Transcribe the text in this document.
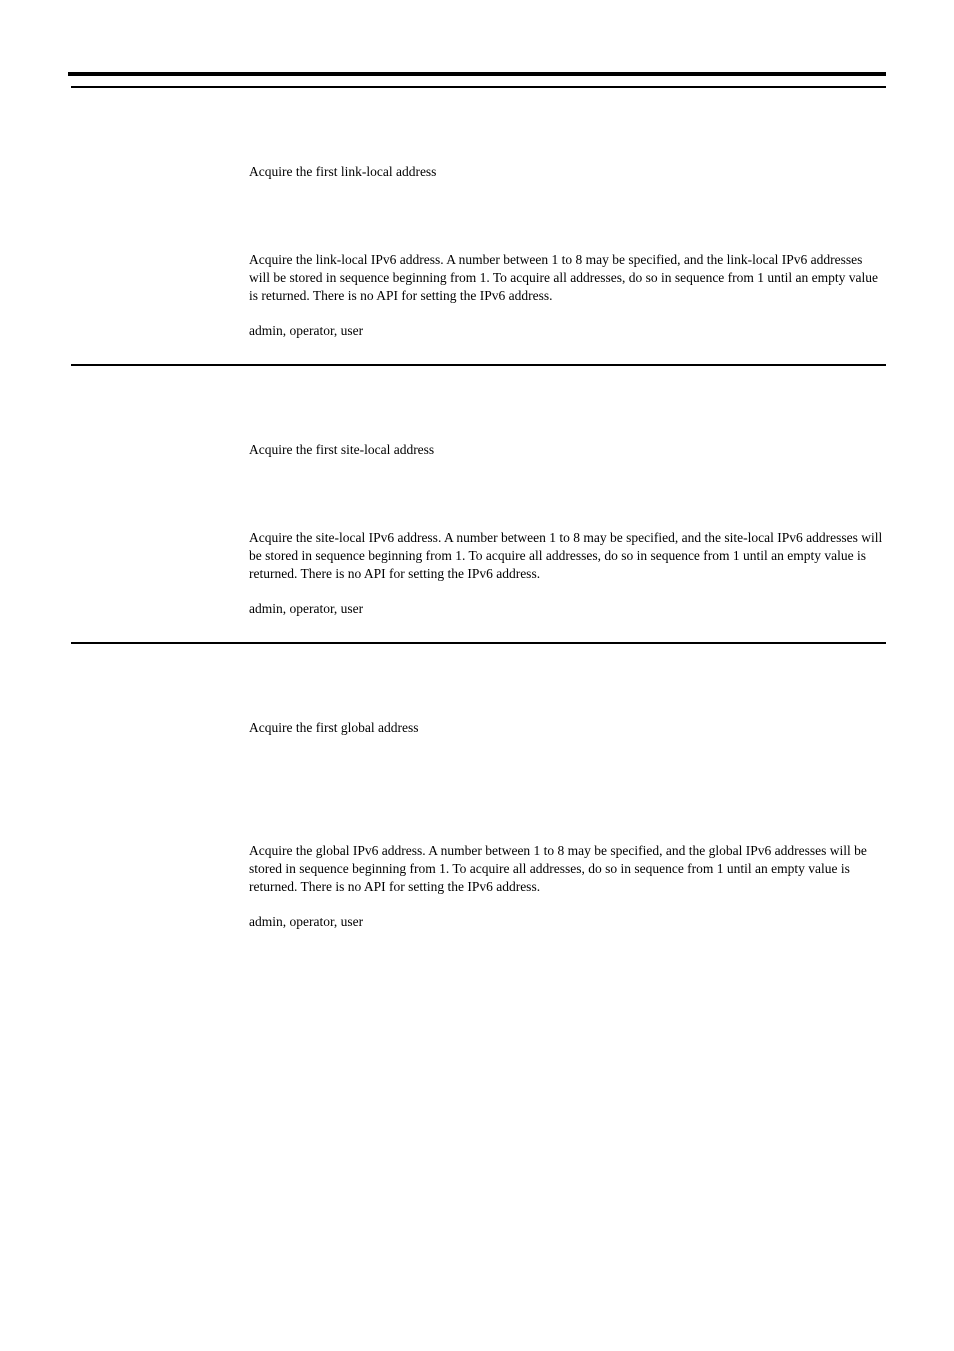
Acquire the first link-local address

Acquire the link-local IPv6 address. A number between 1 to 8 may be specified, and the link-local IPv6 addresses will be stored in sequence beginning from 1. To acquire all addresses, do so in sequence from 1 until an empty value is returned. There is no API for setting the IPv6 address.

admin, operator, user

Acquire the first site-local address

Acquire the site-local IPv6 address. A number between 1 to 8 may be specified, and the site-local IPv6 addresses will be stored in sequence beginning from 1. To acquire all addresses, do so in sequence from 1 until an empty value is returned. There is no API for setting the IPv6 address.

admin, operator, user

Acquire the first global address

Acquire the global IPv6 address. A number between 1 to 8 may be specified, and the global IPv6 addresses will be stored in sequence beginning from 1. To acquire all addresses, do so in sequence from 1 until an empty value is returned. There is no API for setting the IPv6 address.

admin, operator, user
